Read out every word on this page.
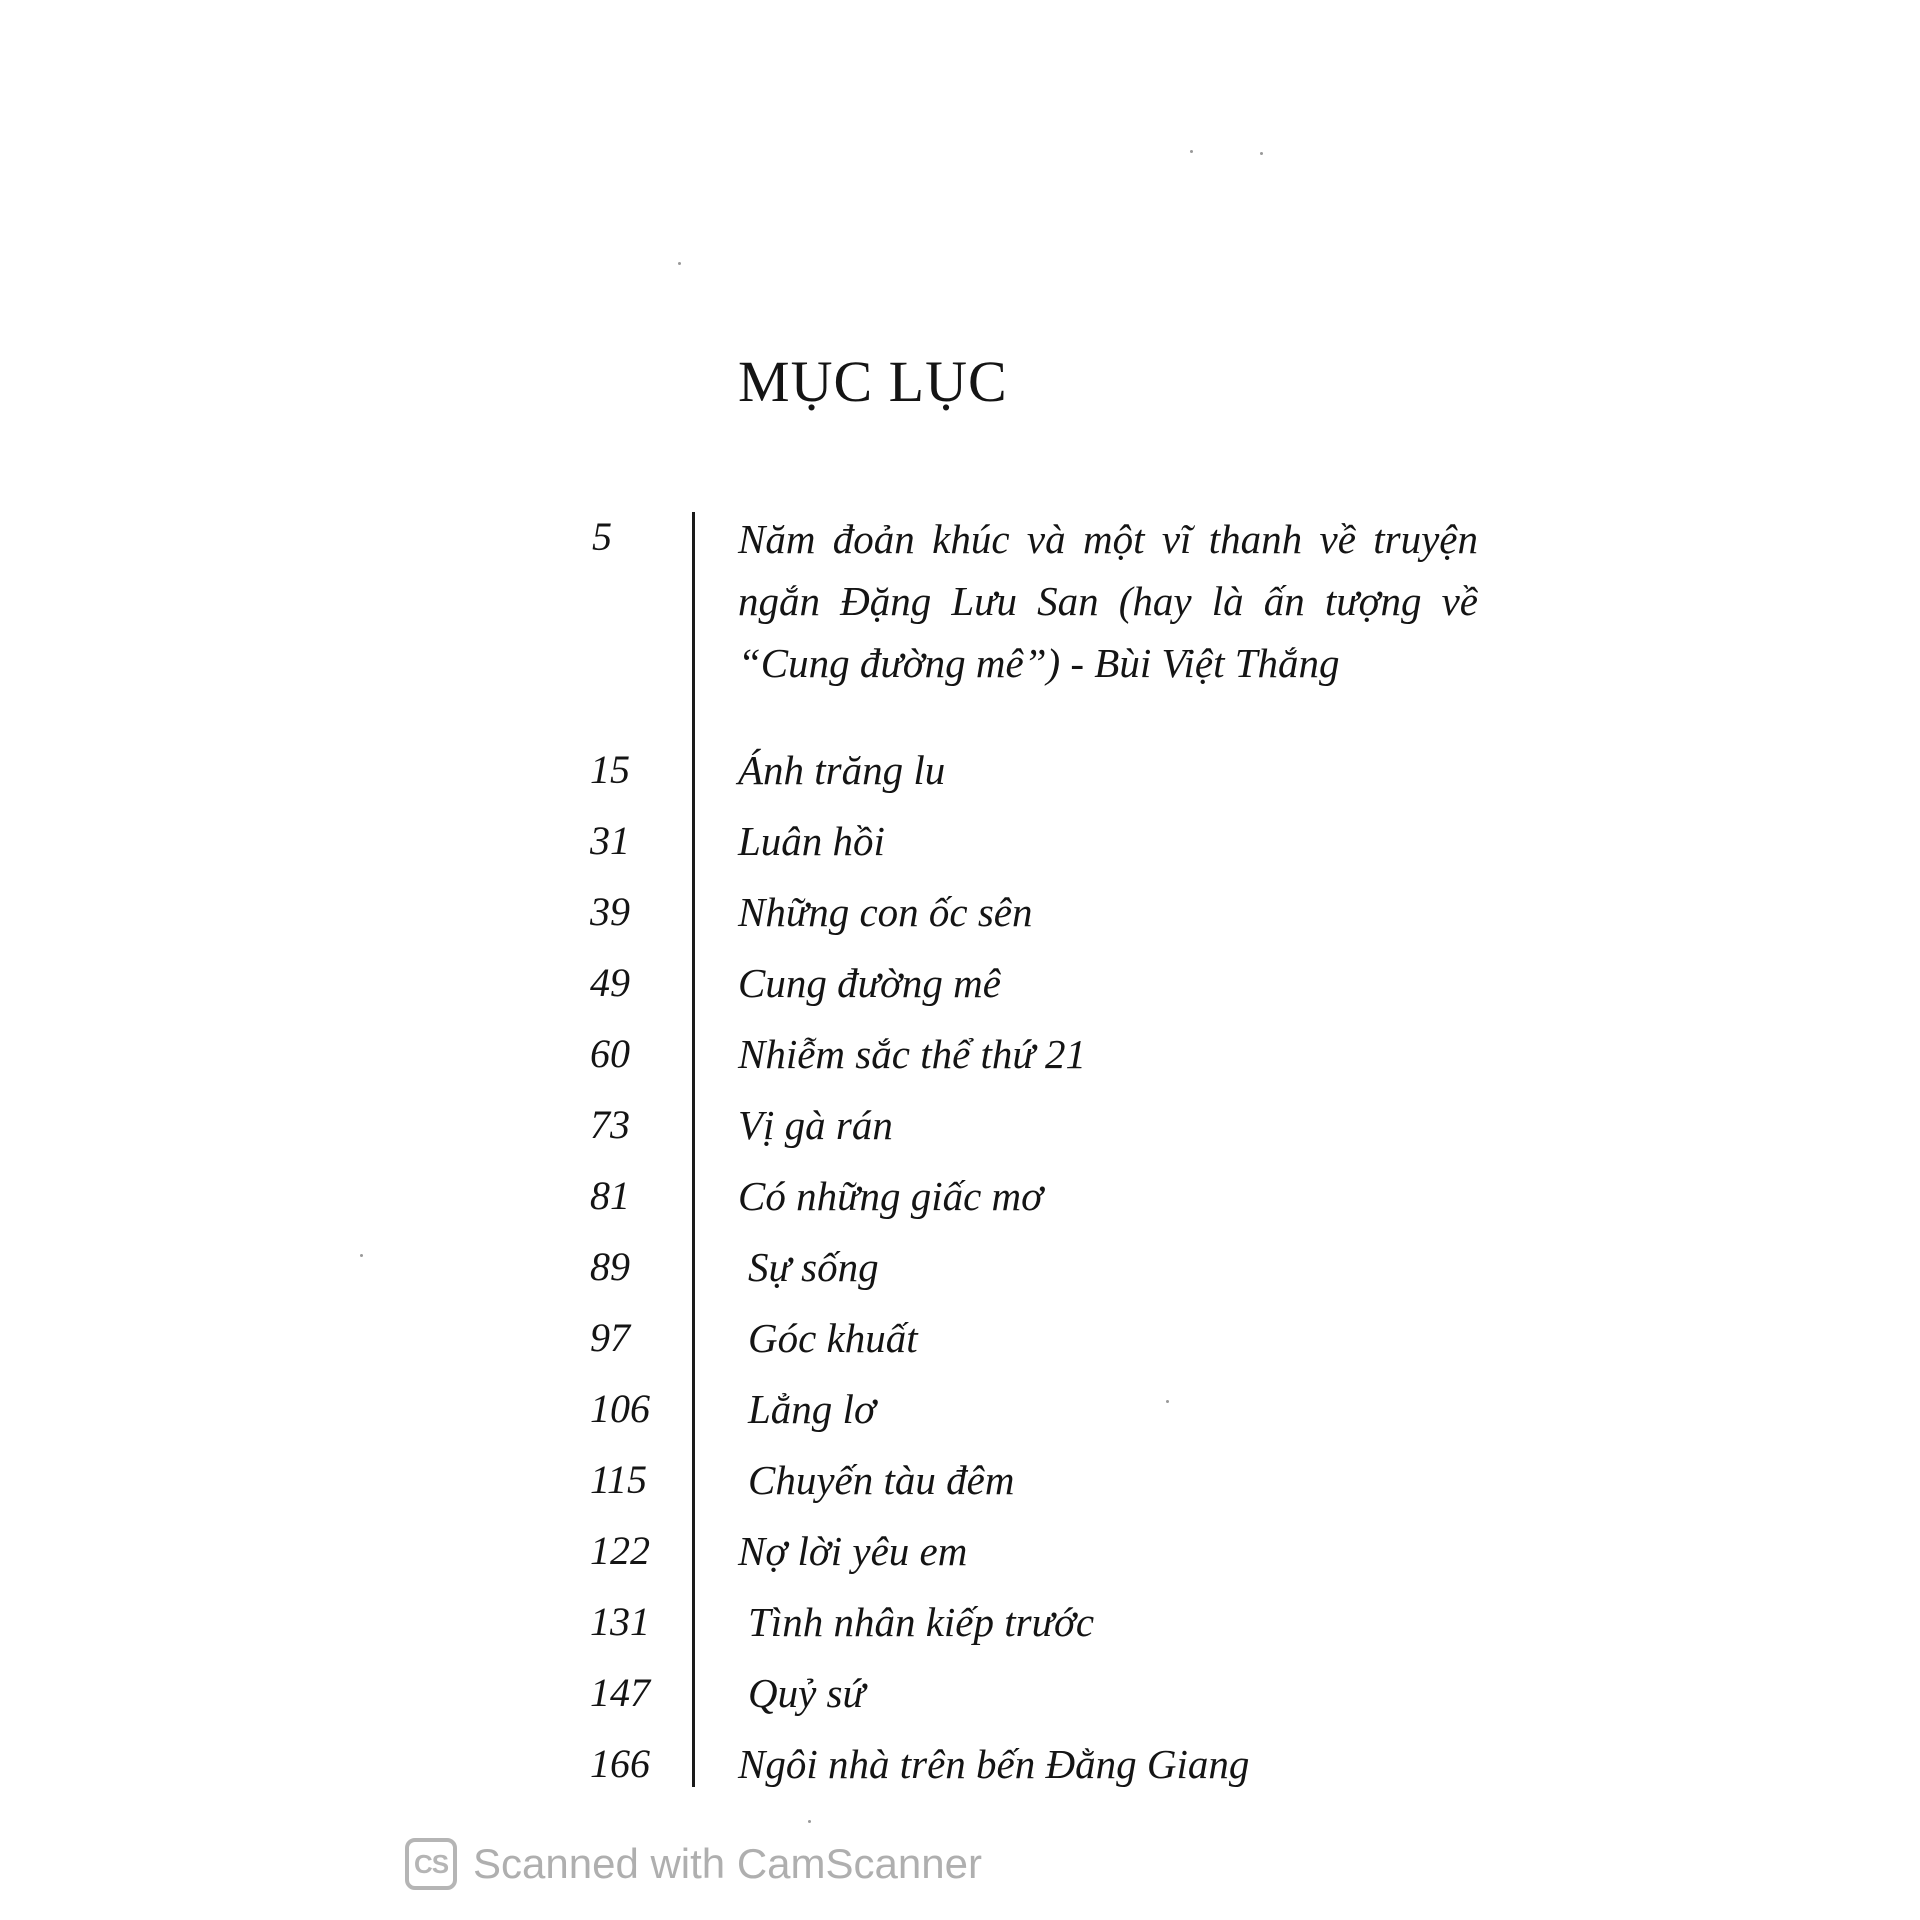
MỤC LỤC
5	Năm đoản khúc và một vĩ thanh về truyện
ngắn Đặng Lưu San (hay là ấn tượng về
“Cung đường mê”) - Bùi Việt Thắng
15	Ánh trăng lu
31	Luân hồi
39	Những con ốc sên
49	Cung đường mê
60	Nhiễm sắc thể thứ 21
73	Vị gà rán
81	Có những giấc mơ
89	Sự sống
97	Góc khuất
106 Lẳng lơ
115 Chuyến tàu đêm
122 Nợ lời yêu em
131 Tình nhân kiếp trước
147 Quỷ sứ
166 Ngôi nhà trên bến Đằng Giang
CS Scanned with CamScanner
